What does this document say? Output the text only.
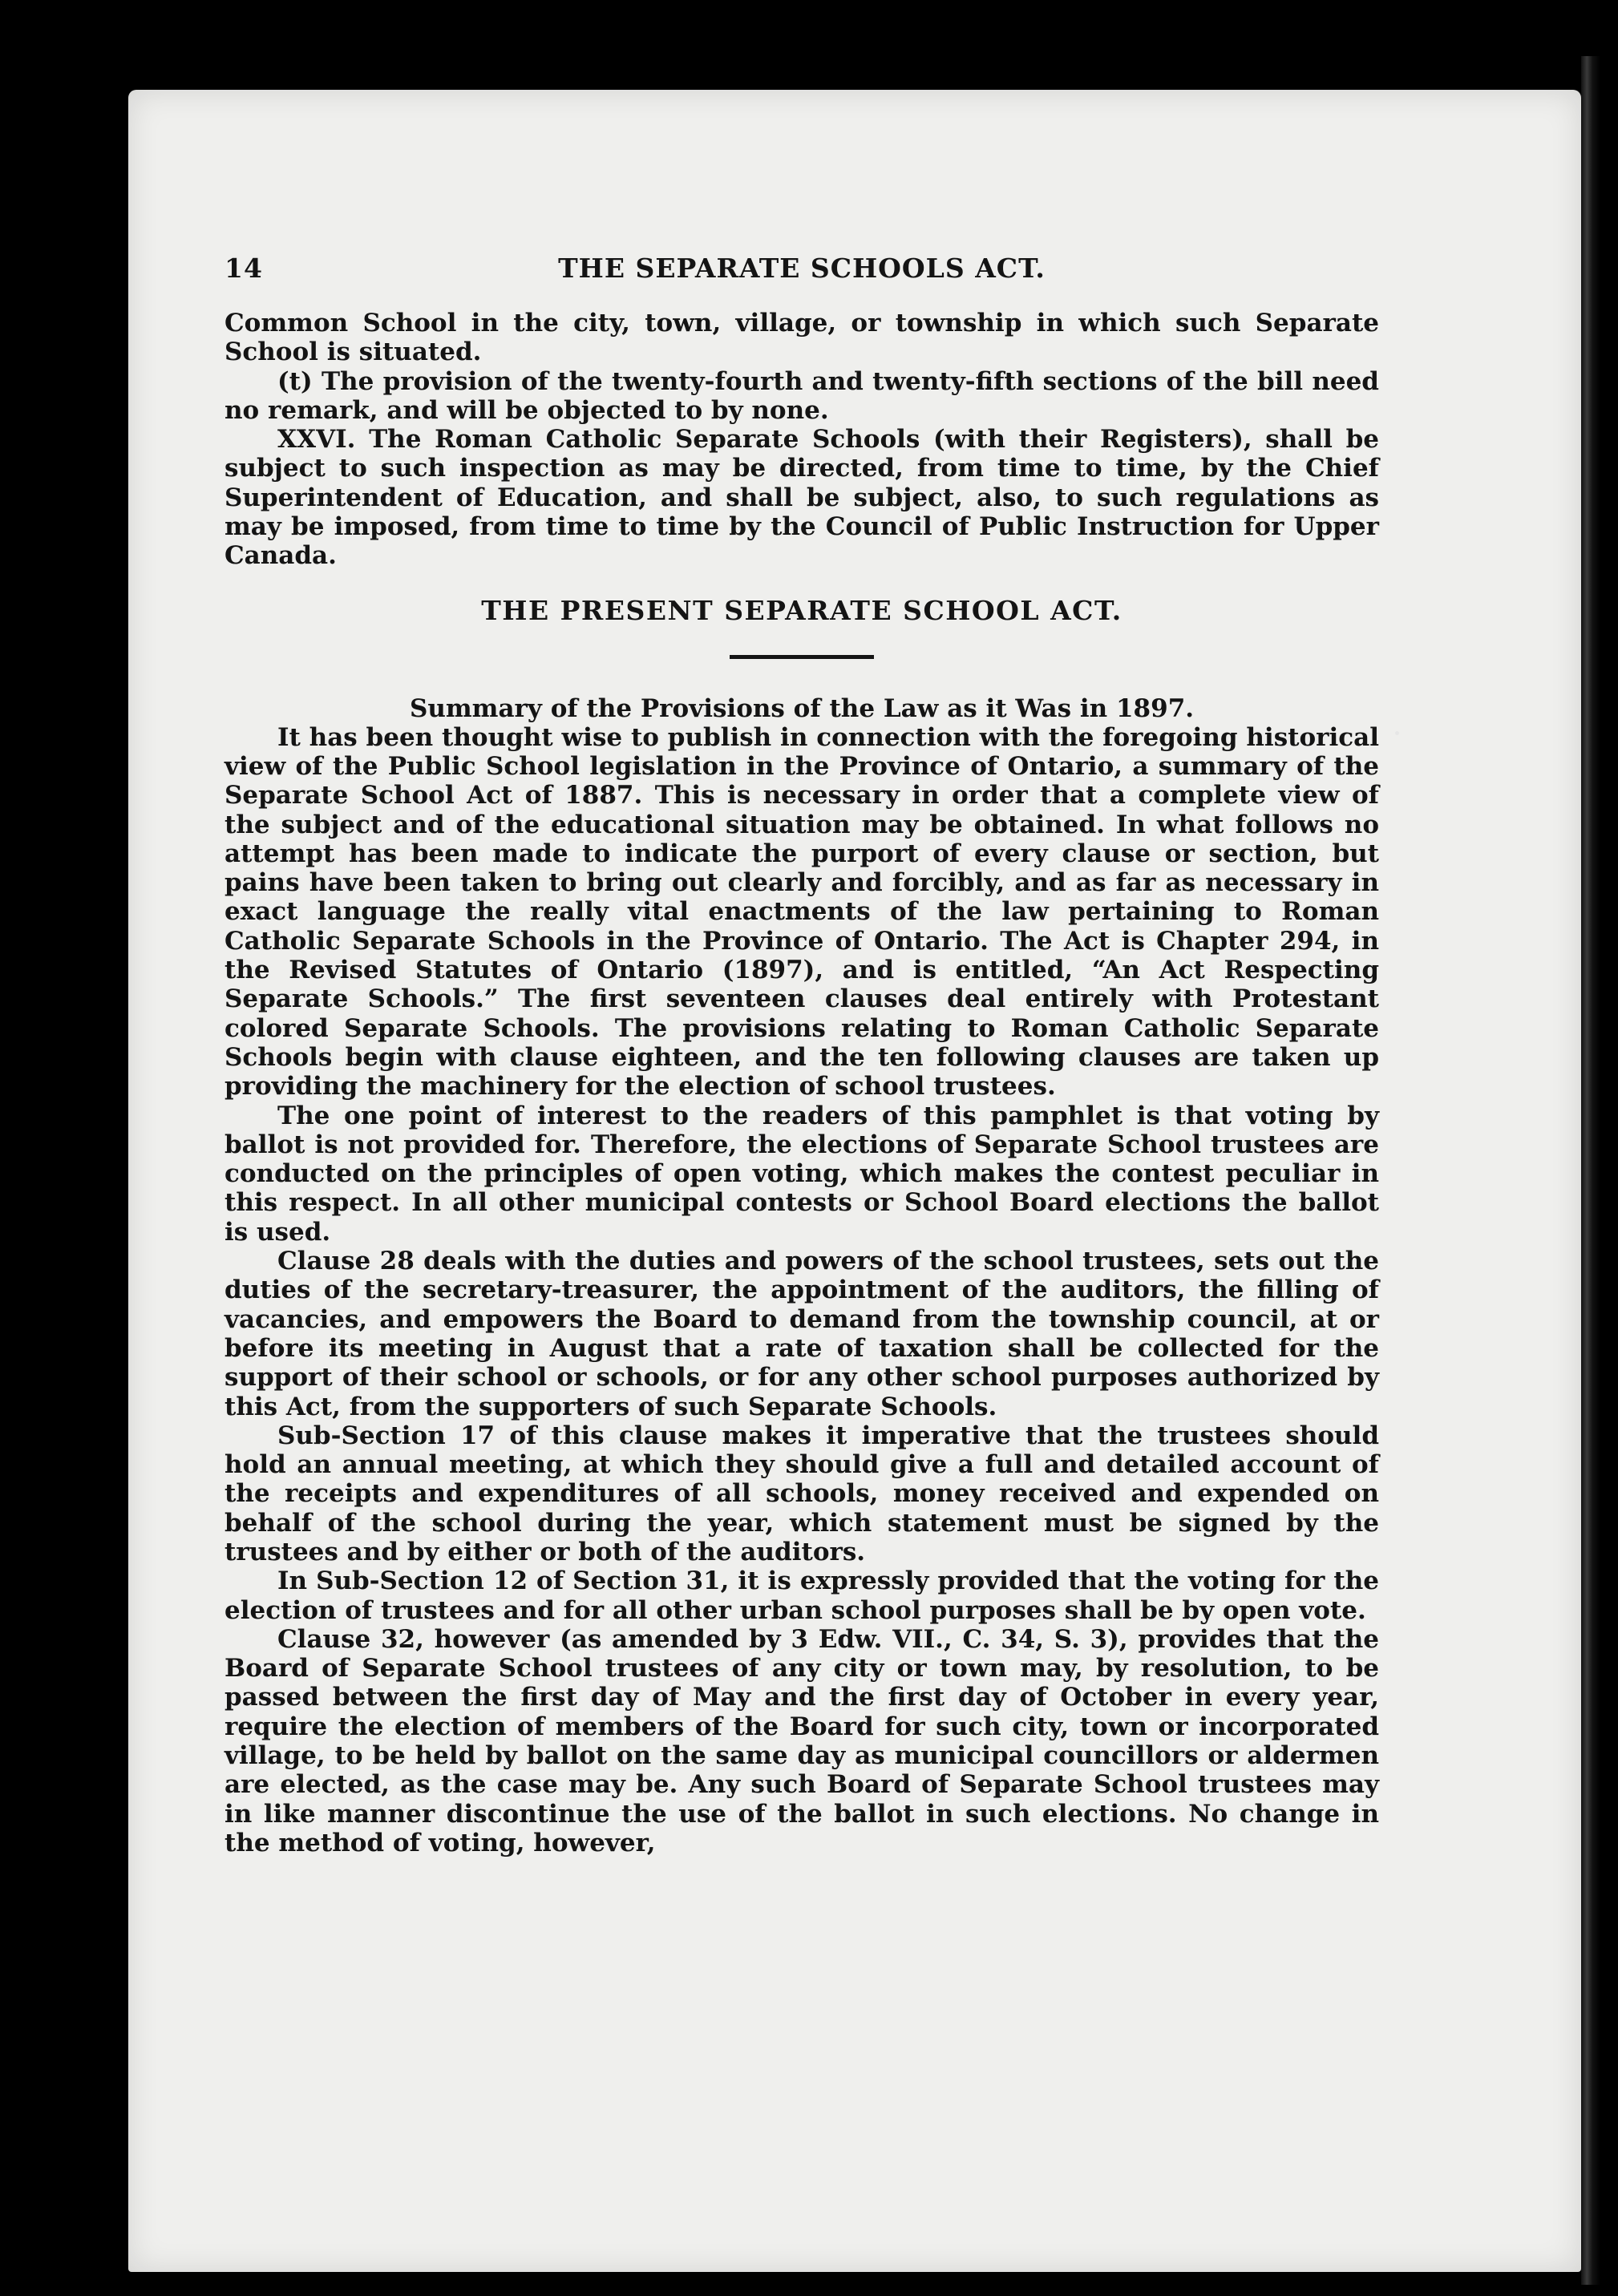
14	THE SEPARATE SCHOOLS ACT.

Common School in the city, town, village, or township in which such Separate School is situated.

(t) The provision of the twenty-fourth and twenty-fifth sections of the bill need no remark, and will be objected to by none.

XXVI. The Roman Catholic Separate Schools (with their Registers), shall be subject to such inspection as may be directed, from time to time, by the Chief Superintendent of Education, and shall be subject, also, to such regulations as may be imposed, from time to time by the Council of Public Instruction for Upper Canada.

THE PRESENT SEPARATE SCHOOL ACT.
Summary of the Provisions of the Law as it Was in 1897.

It has been thought wise to publish in connection with the foregoing historical view of the Public School legislation in the Province of Ontario, a summary of the Separate School Act of 1887. This is necessary in order that a complete view of the subject and of the educational situation may be obtained. In what follows no attempt has been made to indicate the purport of every clause or section, but pains have been taken to bring out clearly and forcibly, and as far as necessary in exact language the really vital enactments of the law pertaining to Roman Catholic Separate Schools in the Province of Ontario. The Act is Chapter 294, in the Revised Statutes of Ontario (1897), and is entitled, “An Act Respecting Separate Schools.” The first seventeen clauses deal entirely with Protestant colored Separate Schools. The provisions relating to Roman Catholic Separate Schools begin with clause eighteen, and the ten following clauses are taken up providing the machinery for the election of school trustees.

The one point of interest to the readers of this pamphlet is that voting by ballot is not provided for. Therefore, the elections of Separate School trustees are conducted on the principles of open voting, which makes the contest peculiar in this respect. In all other municipal contests or School Board elections the ballot is used.

Clause 28 deals with the duties and powers of the school trustees, sets out the duties of the secretary-treasurer, the appointment of the auditors, the filling of vacancies, and empowers the Board to demand from the township council, at or before its meeting in August that a rate of taxation shall be collected for the support of their school or schools, or for any other school purposes authorized by this Act, from the supporters of such Separate Schools.

Sub-Section 17 of this clause makes it imperative that the trustees should hold an annual meeting, at which they should give a full and detailed account of the receipts and expenditures of all schools, money received and expended on behalf of the school during the year, which statement must be signed by the trustees and by either or both of the auditors.

In Sub-Section 12 of Section 31, it is expressly provided that the voting for the election of trustees and for all other urban school purposes shall be by open vote.

Clause 32, however (as amended by 3 Edw. VII., C. 34, S. 3), provides that the Board of Separate School trustees of any city or town may, by resolution, to be passed between the first day of May and the first day of October in every year, require the election of members of the Board for such city, town or incorporated village, to be held by ballot on the same day as municipal councillors or aldermen are elected, as the case may be. Any such Board of Separate School trustees may in like manner discontinue the use of the ballot in such elections. No change in the method of voting, however,
